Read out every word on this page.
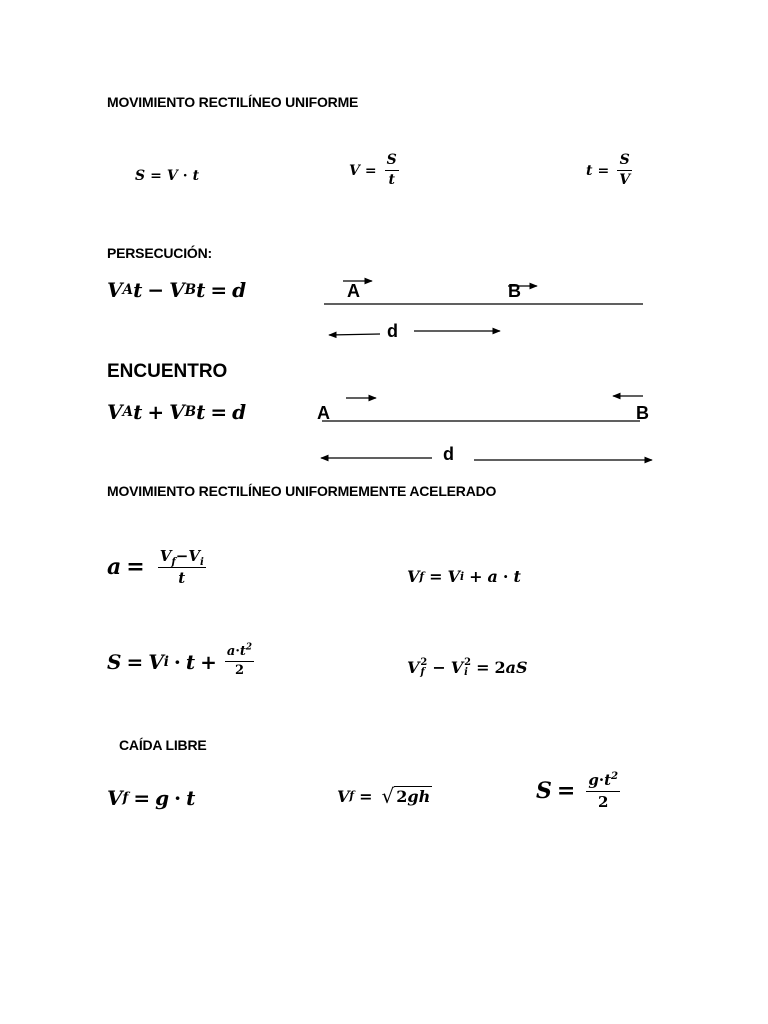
MOVIMIENTO RECTILÍNEO UNIFORME
S = V · t	$V = \frac{S}{t}$	$t = \frac{S}{V}$
PERSECUCIÓN:
V A t − V B t = d	A	B
d
ENCUENTRO
V A t + V B t = d	A	B
d
MOVIMIENTO RECTILÍNEO UNIFORMEMENTE ACELERADO
$a = \frac{V_f-V_i}{t}$	V f = V i + a · t
S = V $i \cdot t + \frac{a\cdot t^2}{2}$	V 2
f − V 2
i = 2 a S
CAÍDA LIBRE
V f = g · t	V f = √ 2gh	$S = \frac{g\cdot t^2}{2}$
